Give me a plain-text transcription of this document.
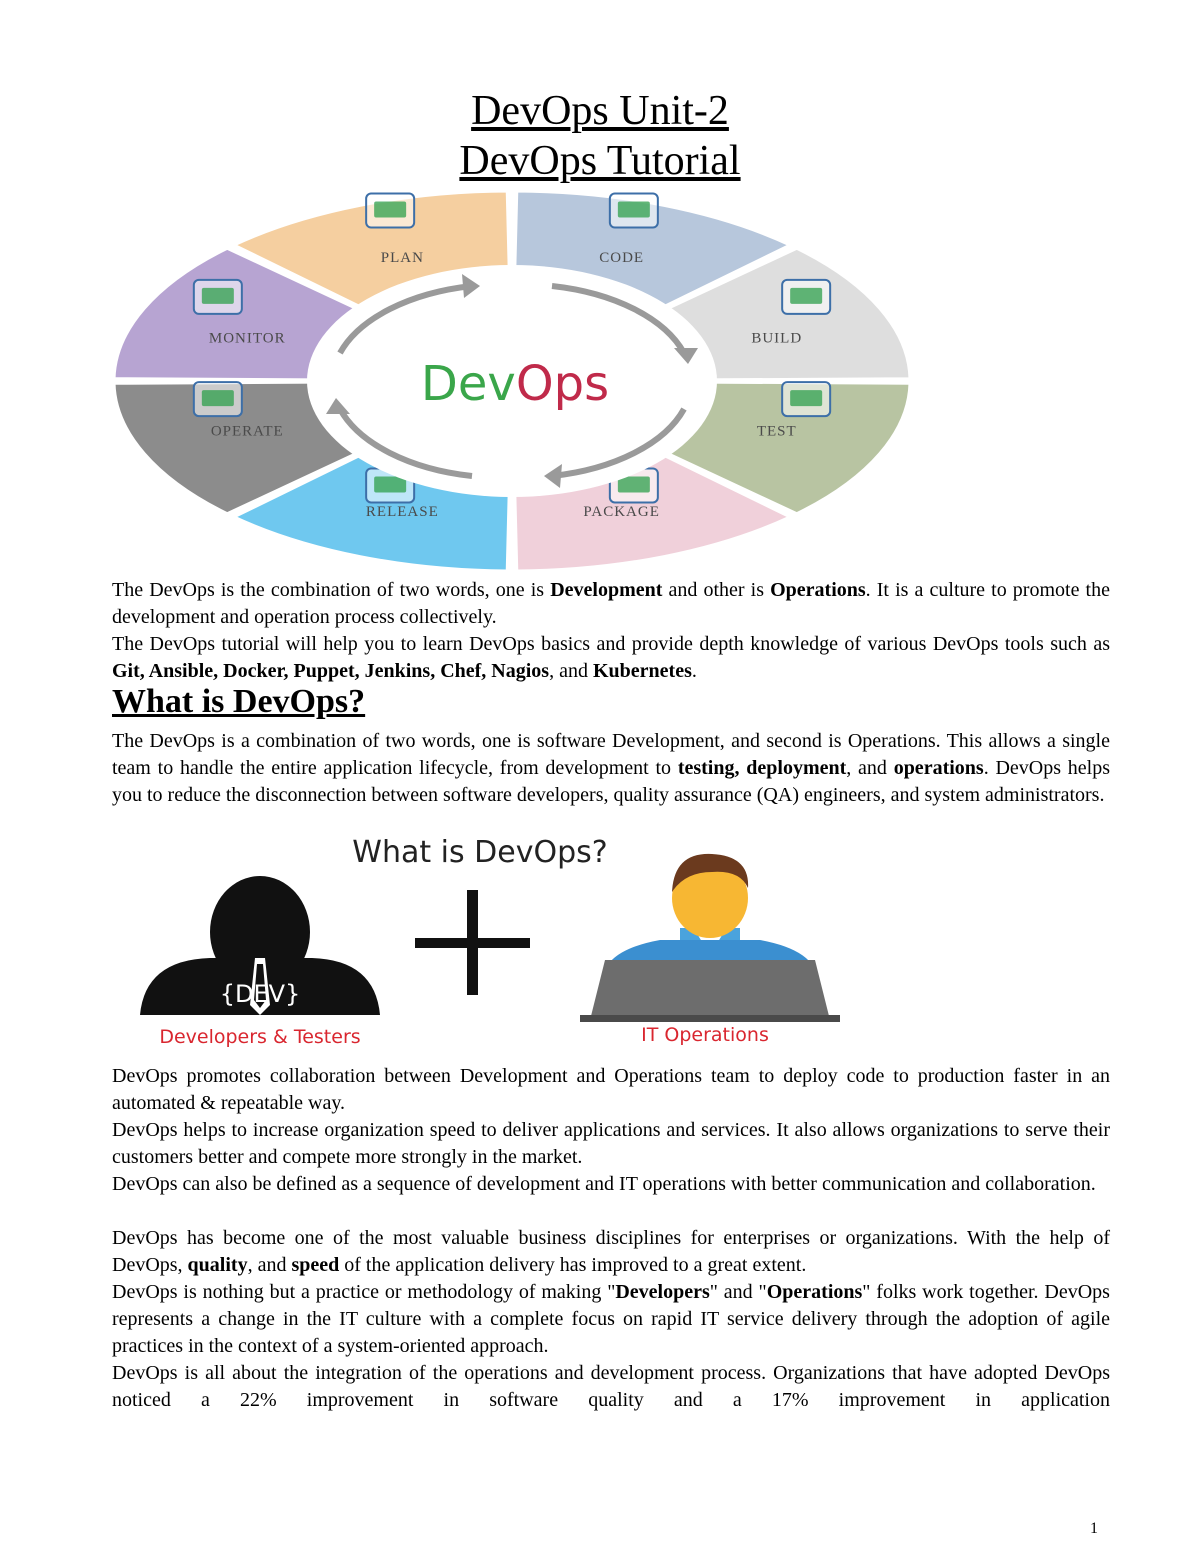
DevOps Unit-2
DevOps Tutorial
PLAN	CODE
BUILD
TEST
PACKAGE
RELEASE
OPERATE
MONITOR
DevOps

The DevOps is the combination of two words, one is Development and other is Operations. It is a culture to promote the development and operation process collectively.

The DevOps tutorial will help you to learn DevOps basics and provide depth knowledge of various DevOps tools such as Git, Ansible, Docker, Puppet, Jenkins, Chef, Nagios, and Kubernetes.

What is DevOps?

The DevOps is a combination of two words, one is software Development, and second is Operations. This allows a single team to handle the entire application lifecycle, from development to testing, deployment, and operations. DevOps helps you to reduce the disconnection between software developers, quality assurance (QA) engineers, and system administrators.

What is DevOps?
{DEV}
Developers & Testers	IT Operations

DevOps promotes collaboration between Development and Operations team to deploy code to production faster in an automated & repeatable way.

DevOps helps to increase organization speed to deliver applications and services. It also allows organizations to serve their customers better and compete more strongly in the market.

DevOps can also be defined as a sequence of development and IT operations with better communication and collaboration.

DevOps has become one of the most valuable business disciplines for enterprises or organizations. With the help of DevOps, quality, and speed of the application delivery has improved to a great extent.

DevOps is nothing but a practice or methodology of making "Developers" and "Operations" folks work together. DevOps represents a change in the IT culture with a complete focus on rapid IT service delivery through the adoption of agile practices in the context of a system-oriented approach.

DevOps is all about the integration of the operations and development process. Organizations that have adopted DevOps noticed a 22% improvement in software quality and a 17% improvement in application

1
